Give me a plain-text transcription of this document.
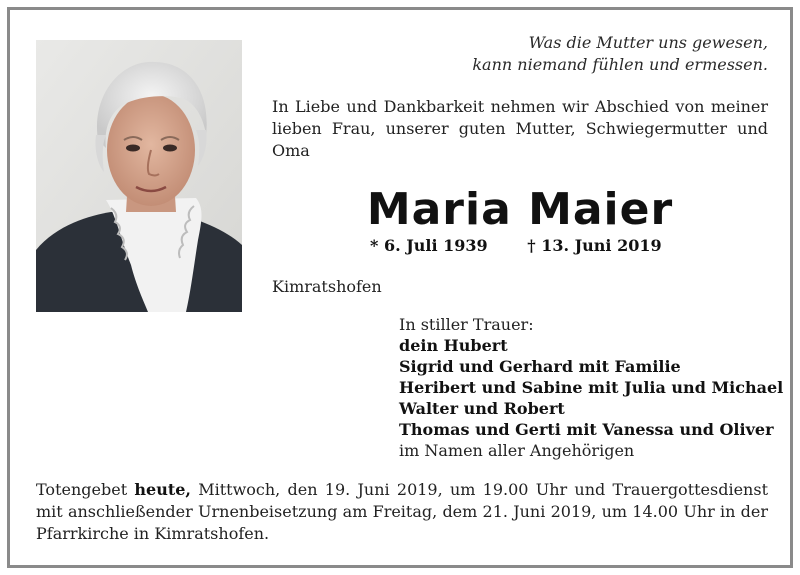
Was die Mutter uns gewesen,
kann niemand fühlen und ermessen.
In Liebe und Dankbarkeit nehmen wir Abschied von meiner lieben Frau, unserer guten Mutter, Schwiegermutter und Oma
Maria Maier
* 6. Juli 1939 † 13. Juni 2019
Kimratshofen
In stiller Trauer:
dein Hubert
Sigrid und Gerhard mit Familie
Heribert und Sabine mit Julia und Michael
Walter und Robert
Thomas und Gerti mit Vanessa und Oliver
im Namen aller Angehörigen
Totengebet heute, Mittwoch, den 19. Juni 2019, um 19.00 Uhr und Trauergottesdienst mit anschließender Urnenbeisetzung am Freitag, dem 21. Juni 2019, um 14.00 Uhr in der Pfarrkirche in Kimratshofen.
